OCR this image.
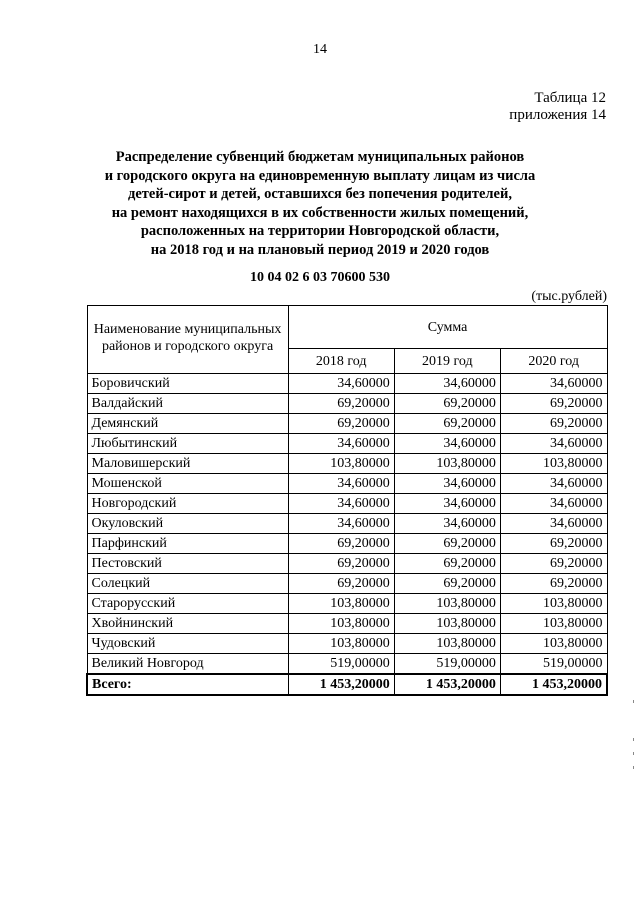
14
Таблица 12
приложения 14
Распределение субвенций бюджетам муниципальных районов
и городского округа на единовременную выплату лицам из числа
детей-сирот и детей, оставшихся без попечения родителей,
на ремонт находящихся в их собственности жилых помещений,
расположенных на территории Новгородской области,
на 2018 год и на плановый период 2019 и 2020 годов
10 04 02 6 03 70600 530
(тыс.рублей)
Наименование муниципальных районов и городского округа	Сумма		
	2018 год	2019 год	2020 год
Боровичский	34,60000	34,60000	34,60000
Валдайский	69,20000	69,20000	69,20000
Демянский	69,20000	69,20000	69,20000
Любытинский	34,60000	34,60000	34,60000
Маловишерский	103,80000	103,80000	103,80000
Мошенской	34,60000	34,60000	34,60000
Новгородский	34,60000	34,60000	34,60000
Окуловский	34,60000	34,60000	34,60000
Парфинский	69,20000	69,20000	69,20000
Пестовский	69,20000	69,20000	69,20000
Солецкий	69,20000	69,20000	69,20000
Старорусский	103,80000	103,80000	103,80000
Хвойнинский	103,80000	103,80000	103,80000
Чудовский	103,80000	103,80000	103,80000
Великий Новгород	519,00000	519,00000	519,00000
Всего:	1 453,20000	1 453,20000	1 453,20000
